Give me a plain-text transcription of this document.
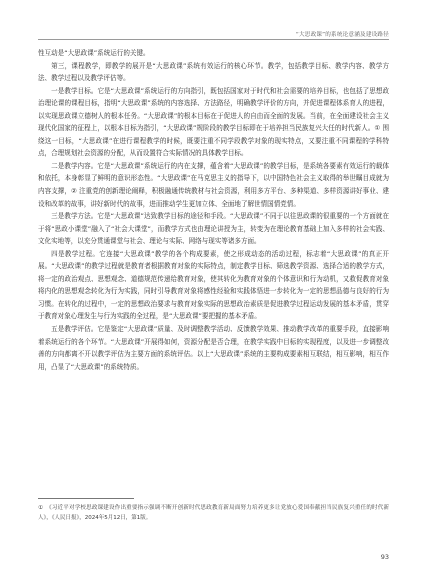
“大思政课”的系统论意涵及建设路径

性互动是“大思政课”系统运行的关键。

第三，课程教学，即教学的展开是“大思政课”系统有效运行的核心环节。教学，包括教学目标、教学内容、教学方法、教学过程以及教学评估等。

一是教学目标。它是“大思政课”系统运行的方向指引，既包括国家对于时代和社会需要的培养目标，也包括了思想政治理论课的课程目标，指明“大思政课”系统的内容选择、方法路径，明确教学评价的方向，并促进课程体系育人的进程，以实现思政课立德树人的根本任务。“大思政课”的根本目标在于促进人的自由而全面的发展。当前，在全面建设社会主义现代化国家的征程上，以根本目标为指引，“大思政课”规阶段的教学目标即在于培养担当民族复兴大任的时代新人。① 围绕这一目标，“大思政课”在进行课程教学的时候，既要注重不同学段教学对象的现实特点，又要注重不同课程的学科特点，合理规划社会资源的分配，从而设置符合实际情况的具体教学目标。

二是教学内容。它是“大思政课”系统运行的内在支撑，蕴含着“大思政课”的教学目标，是系统各要素有效运行的载体和依托，本身彰显了鲜明的意识形态性。“大思政课”在马克思主义的指导下，以中国特色社会主义取得的举世瞩目成就为内容支撑，② 注重党的创新理论阐释，积极融通传统教材与社会资源，利用多方平台、多种渠道、多样资源讲好事业、建设和改革的故事，讲好新时代的故事，进而推动学生更加立体、全面地了解世情国情党情。

三是教学方法。它是“大思政课”达致教学目标的途径和手段。“大思政课”不同于以往思政课的很重要的一个方面就在于将“思政小课堂”融入了“社会大课堂”，而教学方式也由理论讲授为主，转变为在理论教育基础上加入多样的社会实践、文化实地等，以充分贯通课堂与社会、理论与实际、网络与现实等诸多方面。

四是教学过程。它连接“大思政课”教学的各个构成要素，使之形成动态的活动过程，标志着“大思政课”的真正开展。“大思政课”的教学过程就是教育者根据教育对象的实际特点，制定教学目标、筛选教学资源、选择合适的教学方式，将一定的政治观点、思想观念、道德规范传递给教育对象，使其转化为教育对象的个体意识和行为动机，又救促教育对象将内化的思想观念转化为行为实践，同时引导教育对象将感性经验和实践体悟进一步转化为一定的思想品德与良好的行为习惯。在转化的过程中，一定的思想政治要求与教育对象实际的思想政治素质是促进教学过程运动发展的基本矛盾，贯穿于教育对象心理发生与行为实践的全过程，是“大思政课”要把握的基本矛盾。

五是教学评估。它是鉴定“大思政课”质量、及时调整教学活动、反馈教学效果、推动教学改革的重要手段，直接影响着系统运行的各个环节。“大思政课”开展得如何，资源分配是否合理，在教学实践中目标的实现程度，以及进一步调整改善的方向都离不开以教学评估为主要方面的系统评估。以上“大思政课”系统的主要构成要素相互联结，相互影响，相互作用，凸显了“大思政课”的系统特质。

①　《习近平对学校思政课建设作出重要指示强调不断开创新时代思政教育新局面努力培养更多让党放心爱国奉献担当民族复兴重任的时代新人》，《人民日报》，2024年5月12日，第1版。
93
